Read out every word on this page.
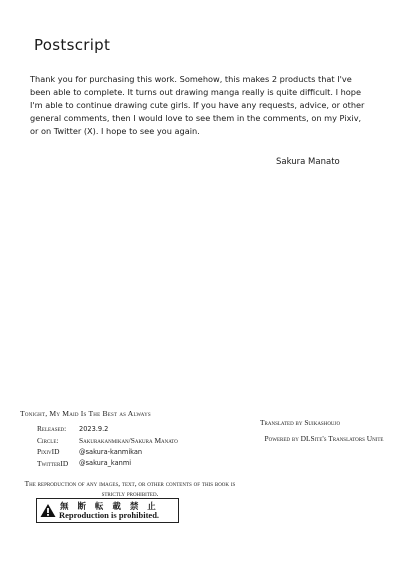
Postscript
Thank you for purchasing this work. Somehow, this makes 2 products that I've been able to complete. It turns out drawing manga really is quite difficult. I hope I'm able to continue drawing cute girls. If you have any requests, advice, or other general comments, then I would love to see them in the comments, on my Pixiv, or on Twitter (X). I hope to see you again.
Sakura Manato
Tonight, My Maid Is The Best as Always
Released:	2023.9.2
Circle:	Sakurakanmikan/Sakura Manato
PixivID	@sakura-kanmikan
TwitterID	@sakura_kanmi
Translated by Suikashoujo
Powered by DLSite's Translators Unite
The reproduction of any images, text, or other contents of this book is strictly prohibited.
無 断 転 載 禁 止
Reproduction is prohibited.
